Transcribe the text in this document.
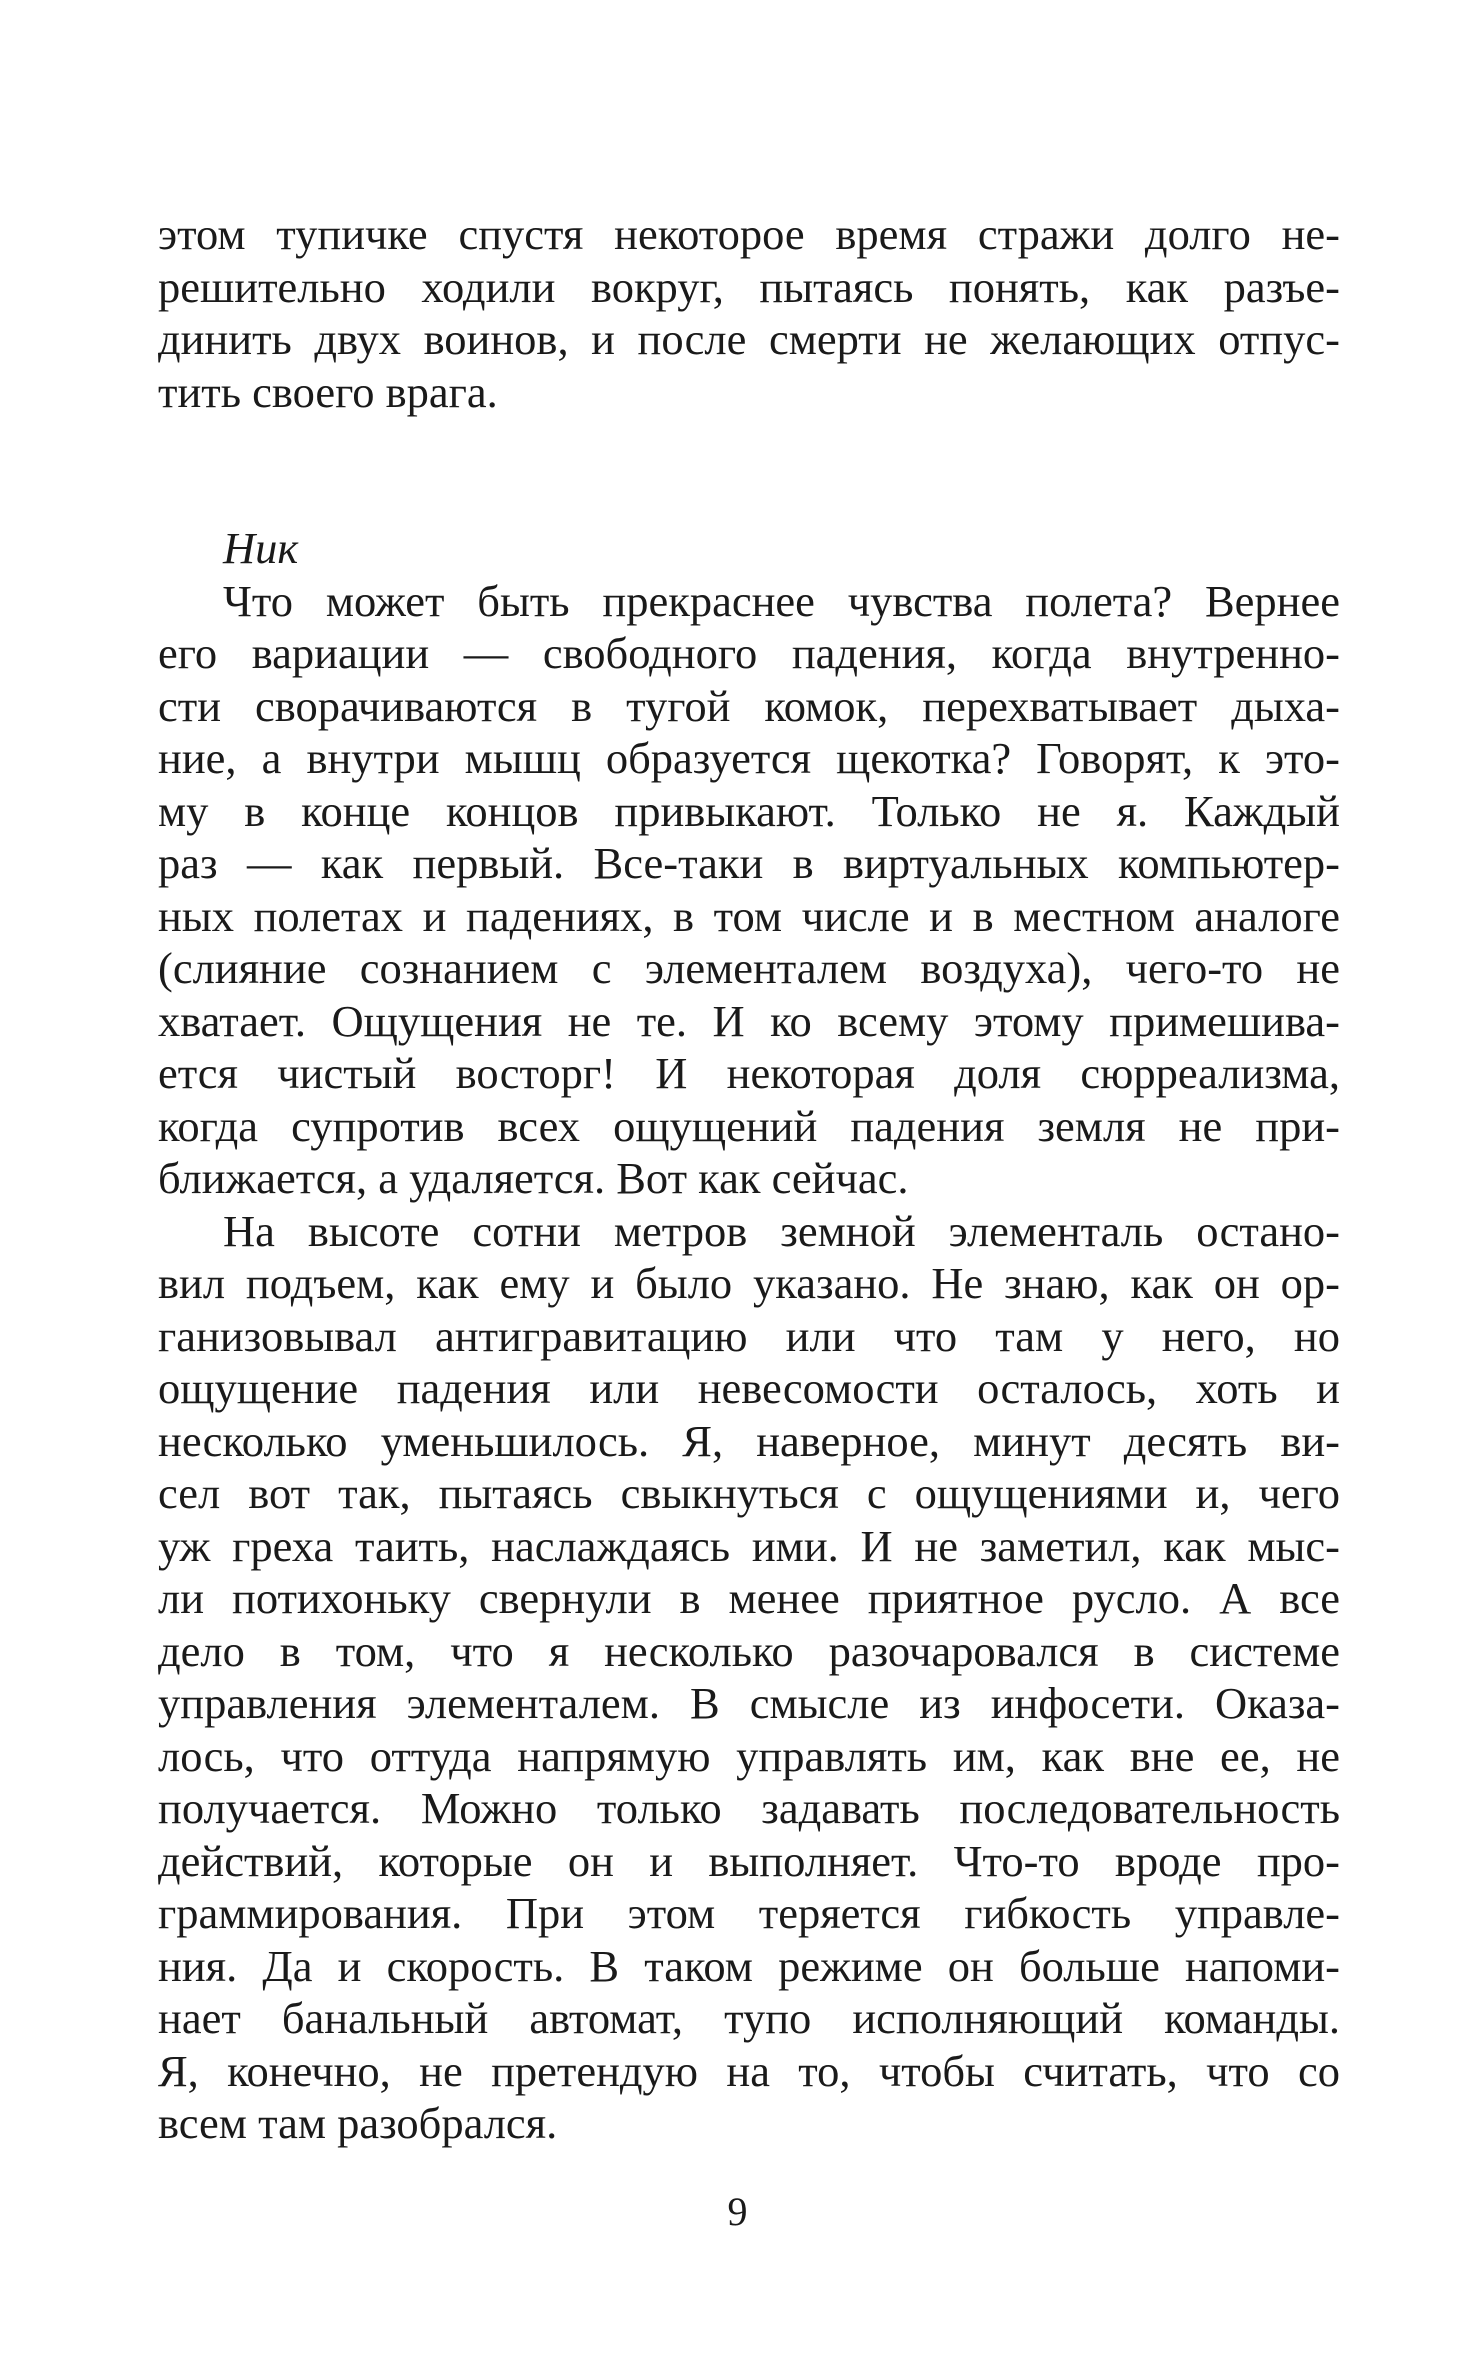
этом тупичке спустя некоторое время стражи долго не-
решительно ходили вокруг, пытаясь понять, как разъе-
динить двух воинов, и после смерти не желающих отпус-
тить своего врага.
Ник
Что может быть прекраснее чувства полета? Вернее
его вариации — свободного падения, когда внутренно-
сти сворачиваются в тугой комок, перехватывает дыха-
ние, а внутри мышц образуется щекотка? Говорят, к это-
му в конце концов привыкают. Только не я. Каждый
раз — как первый. Все-таки в виртуальных компьютер-
ных полетах и падениях, в том числе и в местном аналоге
(слияние сознанием с элементалем воздуха), чего-то не
хватает. Ощущения не те. И ко всему этому примешива-
ется чистый восторг! И некоторая доля сюрреализма,
когда супротив всех ощущений падения земля не при-
ближается, а удаляется. Вот как сейчас.
На высоте сотни метров земной элементаль остано-
вил подъем, как ему и было указано. Не знаю, как он ор-
ганизовывал антигравитацию или что там у него, но
ощущение падения или невесомости осталось, хоть и
несколько уменьшилось. Я, наверное, минут десять ви-
сел вот так, пытаясь свыкнуться с ощущениями и, чего
уж греха таить, наслаждаясь ими. И не заметил, как мыс-
ли потихоньку свернули в менее приятное русло. А все
дело в том, что я несколько разочаровался в системе
управления элементалем. В смысле из инфосети. Оказа-
лось, что оттуда напрямую управлять им, как вне ее, не
получается. Можно только задавать последовательность
действий, которые он и выполняет. Что-то вроде про-
граммирования. При этом теряется гибкость управле-
ния. Да и скорость. В таком режиме он больше напоми-
нает банальный автомат, тупо исполняющий команды.
Я, конечно, не претендую на то, чтобы считать, что со
всем там разобрался.
9
